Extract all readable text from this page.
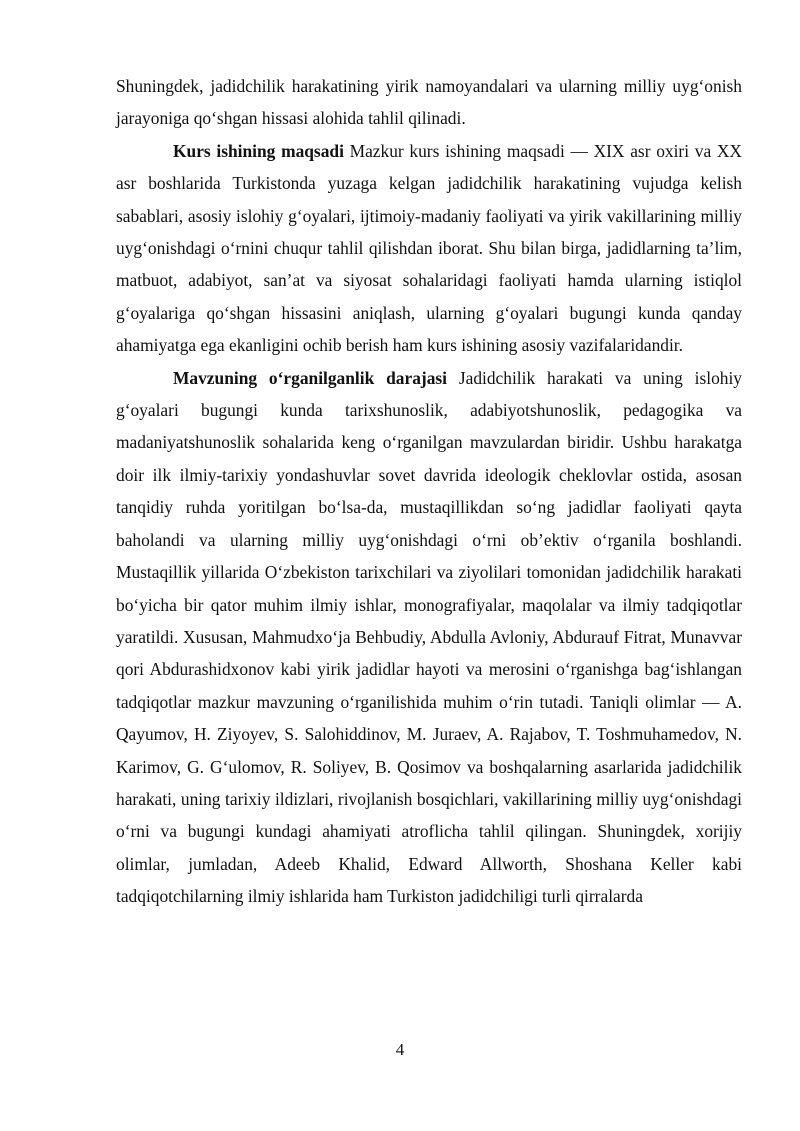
Shuningdek, jadidchilik harakatining yirik namoyandalari va ularning milliy uyg‘onish jarayoniga qo‘shgan hissasi alohida tahlil qilinadi.

Kurs ishining maqsadi Mazkur kurs ishining maqsadi — XIX asr oxiri va XX asr boshlarida Turkistonda yuzaga kelgan jadidchilik harakatining vujudga kelish sabablari, asosiy islohiy g‘oyalari, ijtimoiy-madaniy faoliyati va yirik vakillarining milliy uyg‘onishdagi o‘rnini chuqur tahlil qilishdan iborat. Shu bilan birga, jadidlarning ta’lim, matbuot, adabiyot, san’at va siyosat sohalaridagi faoliyati hamda ularning istiqlol g‘oyalariga qo‘shgan hissasini aniqlash, ularning g‘oyalari bugungi kunda qanday ahamiyatga ega ekanligini ochib berish ham kurs ishining asosiy vazifalaridandir.

Mavzuning o‘rganilganlik darajasi Jadidchilik harakati va uning islohiy g‘oyalari bugungi kunda tarixshunoslik, adabiyotshunoslik, pedagogika va madaniyatshunoslik sohalarida keng o‘rganilgan mavzulardan biridir. Ushbu harakatga doir ilk ilmiy-tarixiy yondashuvlar sovet davrida ideologik cheklovlar ostida, asosan tanqidiy ruhda yoritilgan bo‘lsa-da, mustaqillikdan so‘ng jadidlar faoliyati qayta baholandi va ularning milliy uyg‘onishdagi o‘rni ob’ektiv o‘rganila boshlandi. Mustaqillik yillarida O‘zbekiston tarixchilari va ziyolilari tomonidan jadidchilik harakati bo‘yicha bir qator muhim ilmiy ishlar, monografiyalar, maqolalar va ilmiy tadqiqotlar yaratildi. Xususan, Mahmudxo‘ja Behbudiy, Abdulla Avloniy, Abdurauf Fitrat, Munavvar qori Abdurashidxonov kabi yirik jadidlar hayoti va merosini o‘rganishga bag‘ishlangan tadqiqotlar mazkur mavzuning o‘rganilishida muhim o‘rin tutadi. Taniqli olimlar — A. Qayumov, H. Ziyoyev, S. Salohiddinov, M. Juraev, A. Rajabov, T. Toshmuhamedov, N. Karimov, G. G‘ulomov, R. Soliyev, B. Qosimov va boshqalarning asarlarida jadidchilik harakati, uning tarixiy ildizlari, rivojlanish bosqichlari, vakillarining milliy uyg‘onishdagi o‘rni va bugungi kundagi ahamiyati atroflicha tahlil qilingan. Shuningdek, xorijiy olimlar, jumladan, Adeeb Khalid, Edward Allworth, Shoshana Keller kabi tadqiqotchilarning ilmiy ishlarida ham Turkiston jadidchiligi turli qirralarda

4
